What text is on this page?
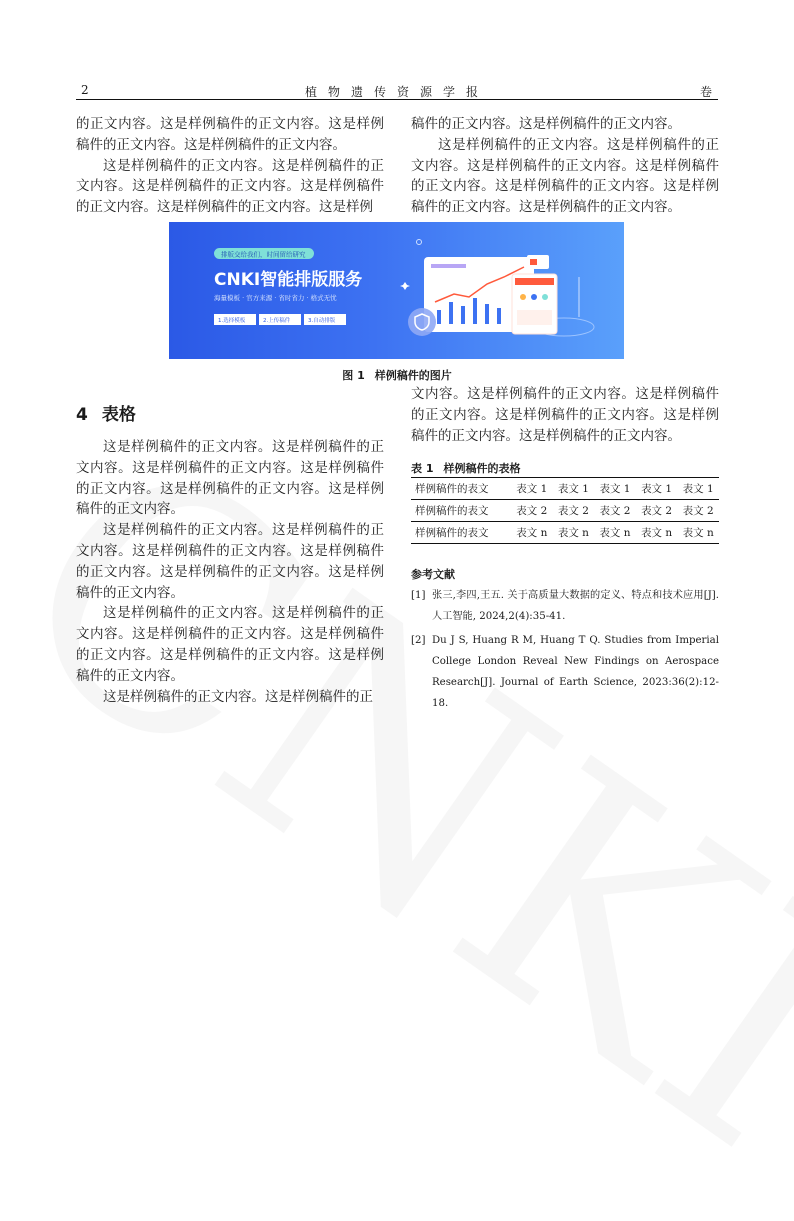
2	植物遗传资源学报	卷

的正文内容。这是样例稿件的正文内容。这是样例稿件的正文内容。这是样例稿件的正文内容。

这是样例稿件的正文内容。这是样例稿件的正文内容。这是样例稿件的正文内容。这是样例稿件的正文内容。这是样例稿件的正文内容。这是样例

稿件的正文内容。这是样例稿件的正文内容。

这是样例稿件的正文内容。这是样例稿件的正文内容。这是样例稿件的正文内容。这是样例稿件的正文内容。这是样例稿件的正文内容。这是样例稿件的正文内容。这是样例稿件的正文内容。

排版交给我们，时间留给研究
CNKI智能排版服务
海量模板 · 官方来源 · 省时省力 · 格式无忧
1.选择模板	2.上传稿件	3.自动排版
图 1 样例稿件的图片
4 表格

这是样例稿件的正文内容。这是样例稿件的正文内容。这是样例稿件的正文内容。这是样例稿件的正文内容。这是样例稿件的正文内容。这是样例稿件的正文内容。

这是样例稿件的正文内容。这是样例稿件的正文内容。这是样例稿件的正文内容。这是样例稿件的正文内容。这是样例稿件的正文内容。这是样例稿件的正文内容。

这是样例稿件的正文内容。这是样例稿件的正文内容。这是样例稿件的正文内容。这是样例稿件的正文内容。这是样例稿件的正文内容。这是样例稿件的正文内容。

这是样例稿件的正文内容。这是样例稿件的正

文内容。这是样例稿件的正文内容。这是样例稿件的正文内容。这是样例稿件的正文内容。这是样例稿件的正文内容。这是样例稿件的正文内容。

表 1 样例稿件的表格
样例稿件的表文	表文 1	表文 1	表文 1	表文 1	表文 1
样例稿件的表文	表文 2	表文 2	表文 2	表文 2	表文 2
样例稿件的表文	表文 n	表文 n	表文 n	表文 n	表文 n
参考文献
[1] 张三,李四,王五. 关于高质量大数据的定义、特点和技术应用[J]. 人工智能, 2024,2(4):35-41.
[2] Du J S, Huang R M, Huang T Q. Studies from Imperial College London Reveal New Findings on Aerospace Research[J]. Journal of Earth Science, 2023:36(2):12-18.
